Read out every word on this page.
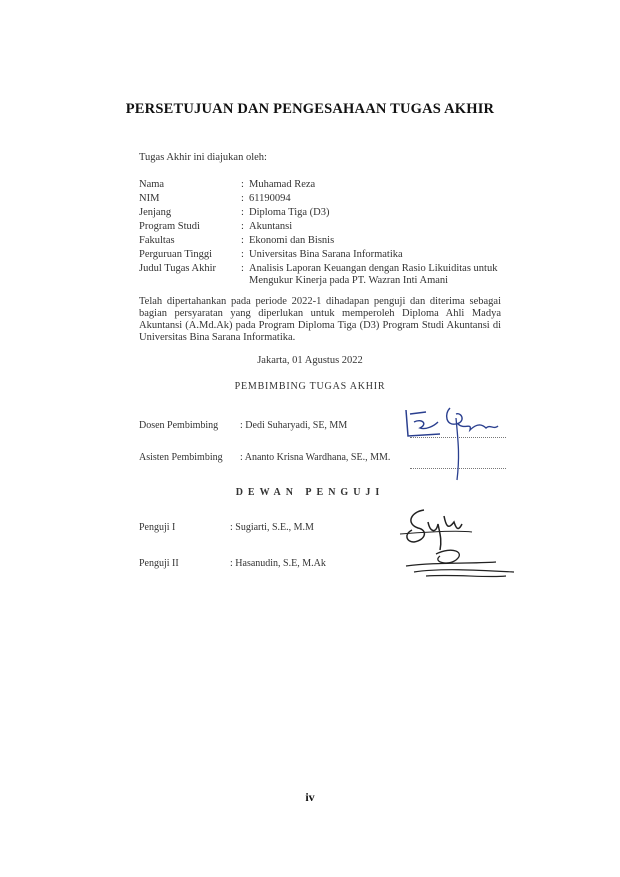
PERSETUJUAN DAN PENGESAHAAN TUGAS AKHIR
Tugas Akhir ini diajukan oleh:
Nama	: Muhamad Reza
NIM	: 61190094
Jenjang	: Diploma Tiga (D3)
Program Studi	: Akuntansi
Fakultas	: Ekonomi dan Bisnis
Perguruan Tinggi	: Universitas Bina Sarana Informatika
Judul Tugas Akhir	: Analisis Laporan Keuangan dengan Rasio Likuiditas untuk Mengukur Kinerja pada PT. Wazran Inti Amani
Telah dipertahankan pada periode 2022-1 dihadapan penguji dan diterima sebagai bagian persyaratan yang diperlukan untuk memperoleh Diploma Ahli Madya Akuntansi (A.Md.Ak) pada Program Diploma Tiga (D3) Program Studi Akuntansi di Universitas Bina Sarana Informatika.
Jakarta, 01 Agustus 2022
PEMBIMBING TUGAS AKHIR
Dosen Pembimbing : Dedi Suharyadi, SE, MM
Asisten Pembimbing : Ananto Krisna Wardhana, SE., MM.
DEWAN PENGUJI
Penguji I	: Sugiarti, S.E., M.M
Penguji II	: Hasanudin, S.E, M.Ak
iv
